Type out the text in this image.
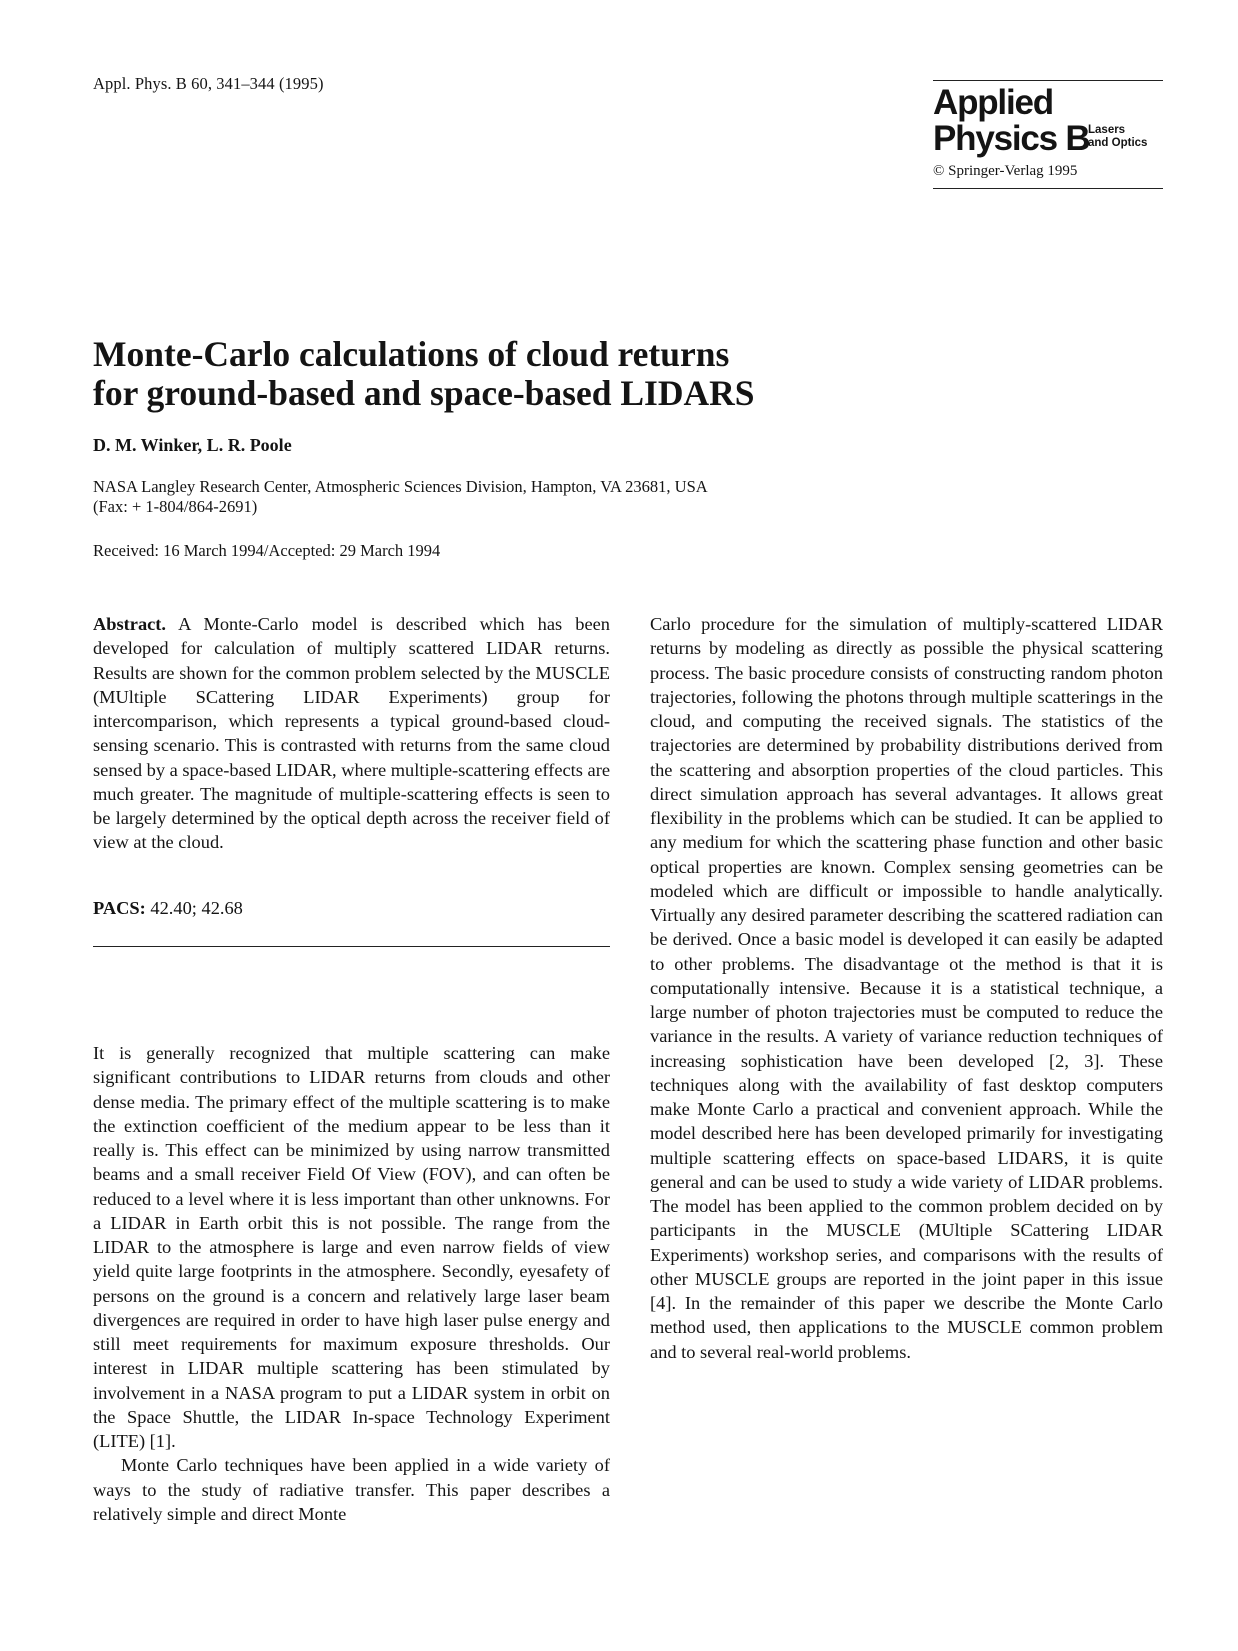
Appl. Phys. B 60, 341–344 (1995)	Applied
Physics B
Lasers
and Optics
© Springer-Verlag 1995
Monte-Carlo calculations of cloud returns
for ground-based and space-based LIDARS
D. M. Winker, L. R. Poole
NASA Langley Research Center, Atmospheric Sciences Division, Hampton, VA 23681, USA
(Fax: + 1-804/864-2691)
Received: 16 March 1994/Accepted: 29 March 1994

Abstract. A Monte-Carlo model is described which has been developed for calculation of multiply scattered LIDAR returns. Results are shown for the common problem selected by the MUSCLE (MUltiple SCattering LIDAR Experiments) group for intercomparison, which represents a typical ground-based cloud-sensing scenario. This is contrasted with returns from the same cloud sensed by a space-based LIDAR, where multiple-scattering effects are much greater. The magnitude of multiple-scattering effects is seen to be largely determined by the optical depth across the receiver field of view at the cloud.

PACS: 42.40; 42.68

It is generally recognized that multiple scattering can make significant contributions to LIDAR returns from clouds and other dense media. The primary effect of the multiple scattering is to make the extinction coefficient of the medium appear to be less than it really is. This effect can be minimized by using narrow transmitted beams and a small receiver Field Of View (FOV), and can often be reduced to a level where it is less important than other unknowns. For a LIDAR in Earth orbit this is not possible. The range from the LIDAR to the atmosphere is large and even narrow fields of view yield quite large footprints in the atmosphere. Secondly, eyesafety of persons on the ground is a concern and relatively large laser beam divergences are required in order to have high laser pulse energy and still meet requirements for maximum exposure thresholds. Our interest in LIDAR multiple scattering has been stimulated by involvement in a NASA program to put a LIDAR system in orbit on the Space Shuttle, the LIDAR In-space Technology Experiment (LITE) [1].

Monte Carlo techniques have been applied in a wide variety of ways to the study of radiative transfer. This paper describes a relatively simple and direct Monte

Carlo procedure for the simulation of multiply-scattered LIDAR returns by modeling as directly as possible the physical scattering process. The basic procedure consists of constructing random photon trajectories, following the photons through multiple scatterings in the cloud, and computing the received signals. The statistics of the trajectories are determined by probability distributions derived from the scattering and absorption properties of the cloud particles. This direct simulation approach has several advantages. It allows great flexibility in the problems which can be studied. It can be applied to any medium for which the scattering phase function and other basic optical properties are known. Complex sensing geometries can be modeled which are difficult or impossible to handle analytically. Virtually any desired parameter describing the scattered radiation can be derived. Once a basic model is developed it can easily be adapted to other problems. The disadvantage ot the method is that it is computationally intensive. Because it is a statistical technique, a large number of photon trajectories must be computed to reduce the variance in the results. A variety of variance reduction techniques of increasing sophistication have been developed [2, 3]. These techniques along with the availability of fast desktop computers make Monte Carlo a practical and convenient approach. While the model described here has been developed primarily for investigating multiple scattering effects on space-based LIDARS, it is quite general and can be used to study a wide variety of LIDAR problems. The model has been applied to the common problem decided on by participants in the MUSCLE (MUltiple SCattering LIDAR Experiments) workshop series, and comparisons with the results of other MUSCLE groups are reported in the joint paper in this issue [4]. In the remainder of this paper we describe the Monte Carlo method used, then applications to the MUSCLE common problem and to several real-world problems.
